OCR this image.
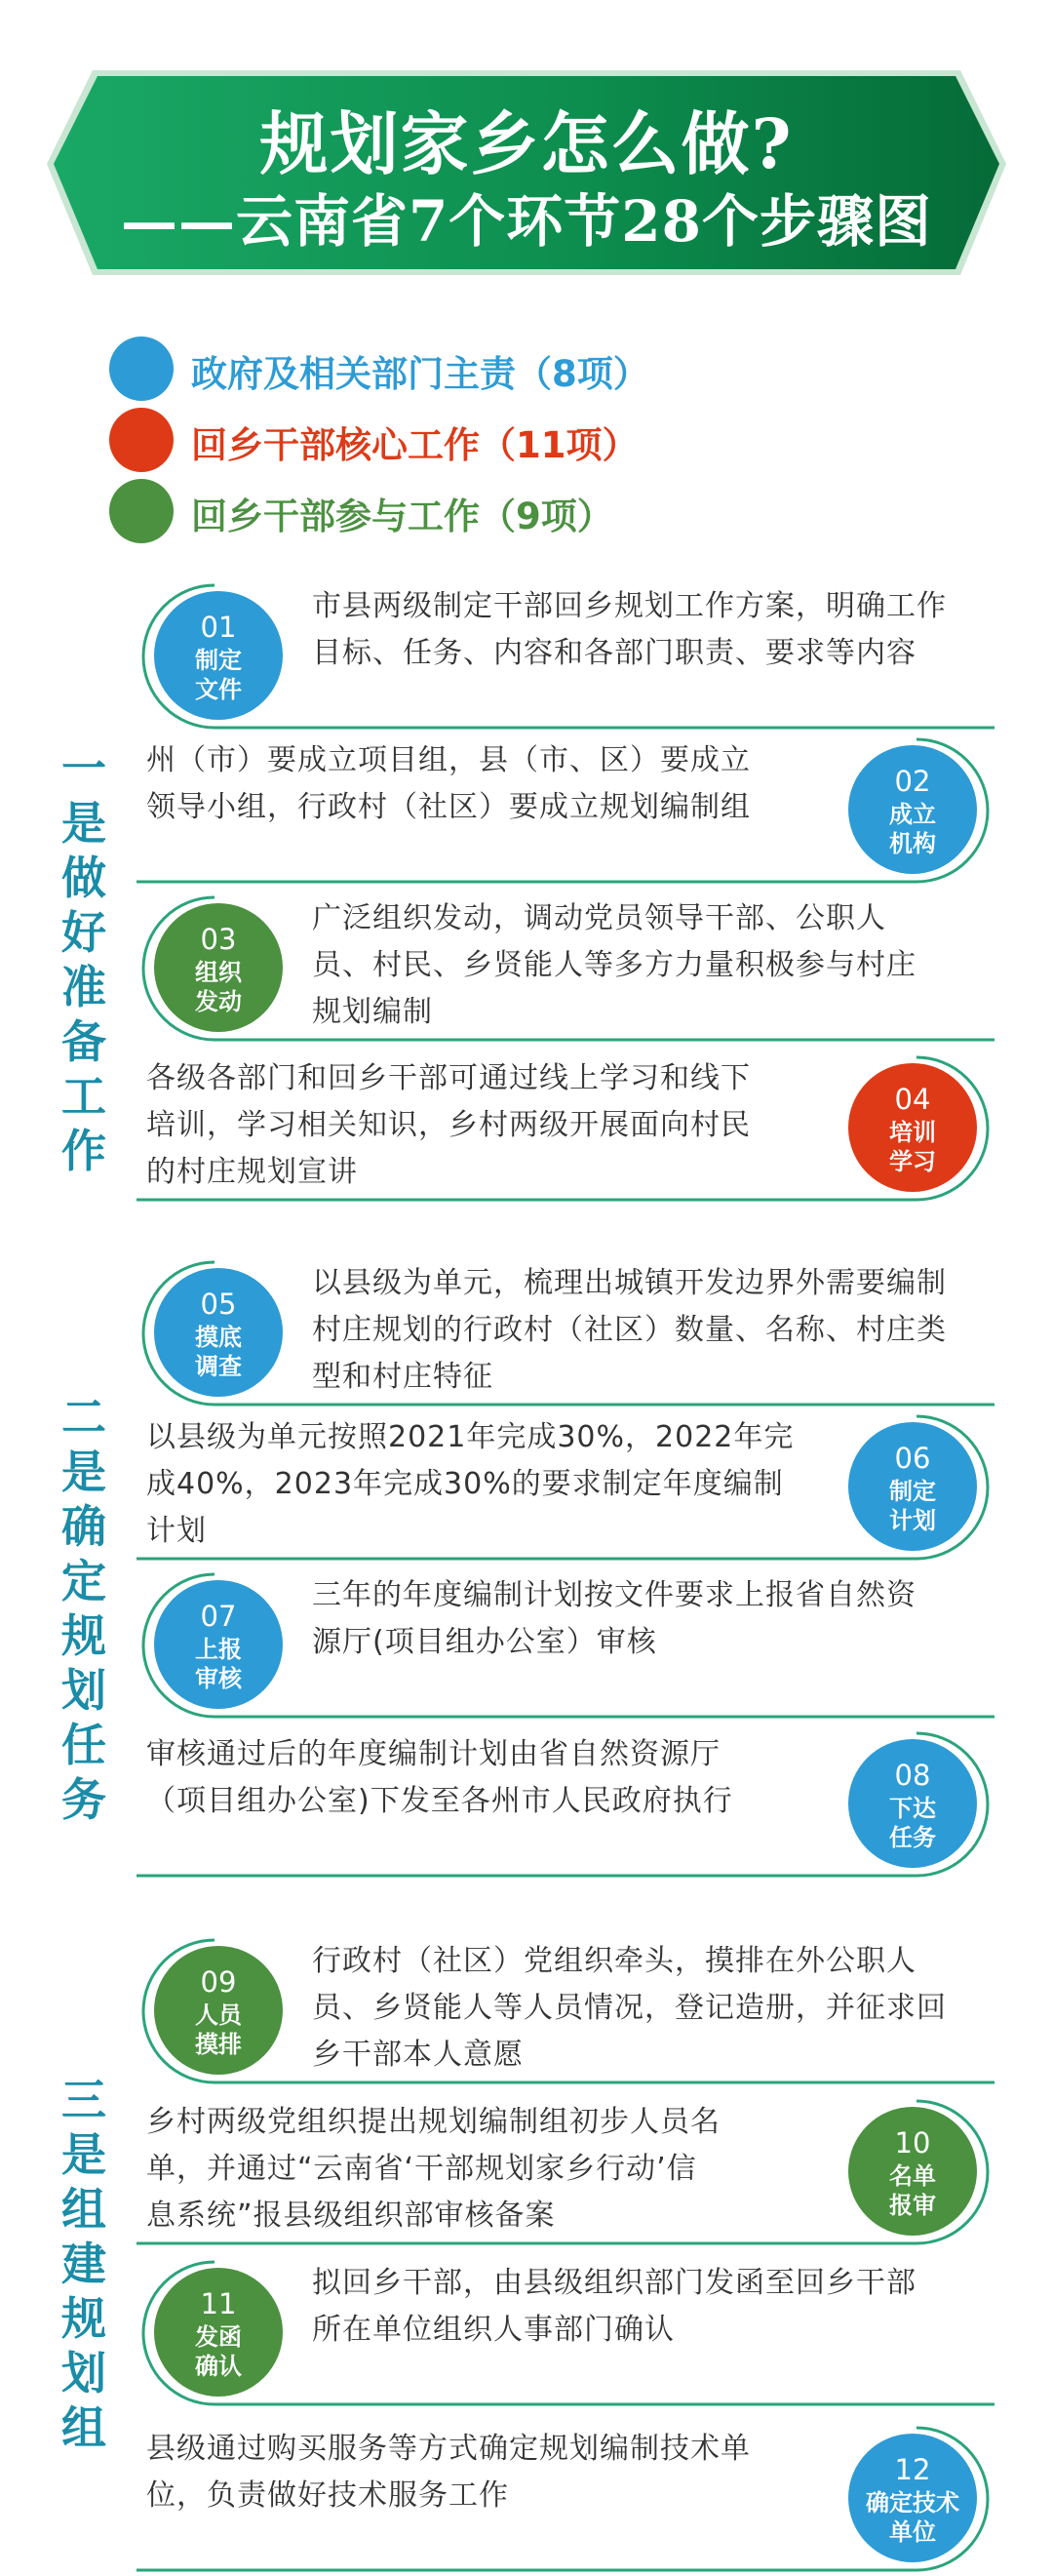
规划家乡怎么做?
——云南省7个环节28个步骤图
政府及相关部门主责（8项）
回乡干部核心工作（11项）
回乡干部参与工作（9项）
一是做好准备工作
二是确定规划任务
三是组建规划组
01
制定
文件
市县两级制定干部回乡规划工作方案，明确工作
目标、任务、内容和各部门职责、要求等内容
02
成立
机构
州（市）要成立项目组，县（市、区）要成立
领导小组，行政村（社区）要成立规划编制组
03
组织
发动
广泛组织发动，调动党员领导干部、公职人
员、村民、乡贤能人等多方力量积极参与村庄
规划编制
04
培训
学习
各级各部门和回乡干部可通过线上学习和线下
培训，学习相关知识，乡村两级开展面向村民
的村庄规划宣讲
05
摸底
调查
以县级为单元，梳理出城镇开发边界外需要编制
村庄规划的行政村（社区）数量、名称、村庄类
型和村庄特征
06
制定
计划
以县级为单元按照2021年完成30%，2022年完
成40%，2023年完成30%的要求制定年度编制
计划
07
上报
审核
三年的年度编制计划按文件要求上报省自然资
源厅(项目组办公室）审核
08
下达
任务
审核通过后的年度编制计划由省自然资源厅
（项目组办公室)下发至各州市人民政府执行
09
人员
摸排
行政村（社区）党组织牵头，摸排在外公职人
员、乡贤能人等人员情况，登记造册，并征求回
乡干部本人意愿
10
名单
报审
乡村两级党组织提出规划编制组初步人员名
单，并通过“云南省‘干部规划家乡行动’信
息系统”报县级组织部审核备案
11
发函
确认
拟回乡干部，由县级组织部门发函至回乡干部
所在单位组织人事部门确认
12
确定技术
单位
县级通过购买服务等方式确定规划编制技术单
位，负责做好技术服务工作
